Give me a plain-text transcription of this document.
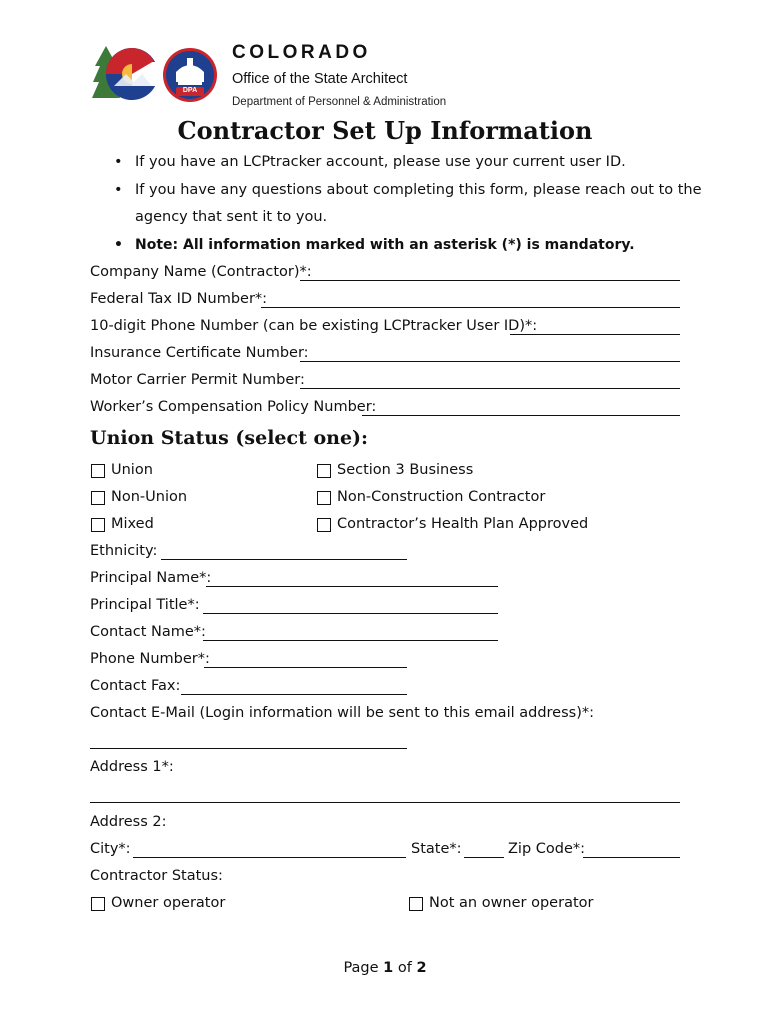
DPA
COLORADO
Office of the State Architect
Department of Personnel & Administration
Contractor Set Up Information
• If you have an LCPtracker account, please use your current user ID.
• If you have any questions about completing this form, please reach out to the
agency that sent it to you.
• Note: All information marked with an asterisk (*) is mandatory.
Company Name (Contractor)*:
Federal Tax ID Number*:
10-digit Phone Number (can be existing LCPtracker User ID)*:
Insurance Certificate Number:
Motor Carrier Permit Number:
Worker’s Compensation Policy Number:
Union Status (select one):
Union	Section 3 Business
Non-Union	Non-Construction Contractor
Mixed	Contractor’s Health Plan Approved
Ethnicity:
Principal Name*:
Principal Title*:
Contact Name*:
Phone Number*:
Contact Fax:
Contact E-Mail (Login information will be sent to this email address)*:
Address 1*:
Address 2:
City*:	State*:	Zip Code*:
Contractor Status:
Owner operator	Not an owner operator
Page 1 of 2
